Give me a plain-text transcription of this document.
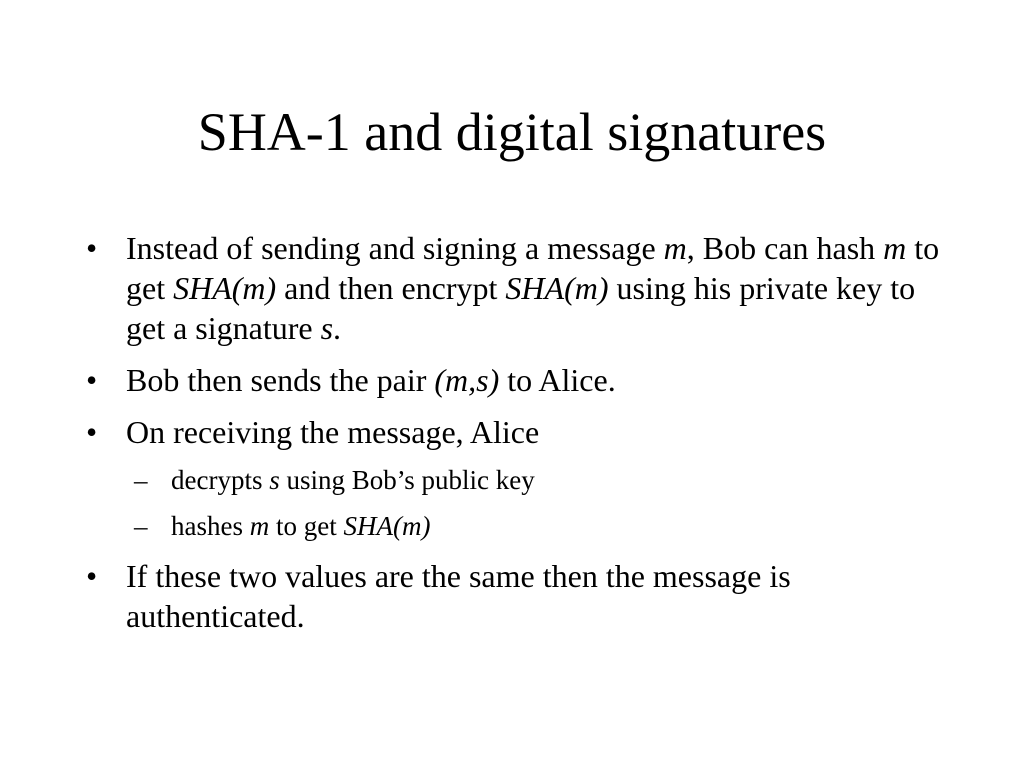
SHA-1 and digital signatures
• Instead of sending and signing a message m, Bob can hash m to get SHA(m) and then encrypt SHA(m) using his private key to get a signature s.
• Bob then sends the pair (m,s) to Alice.
• On receiving the message, Alice
– decrypts s using Bob’s public key
– hashes m to get SHA(m)
• If these two values are the same then the message is authenticated.
